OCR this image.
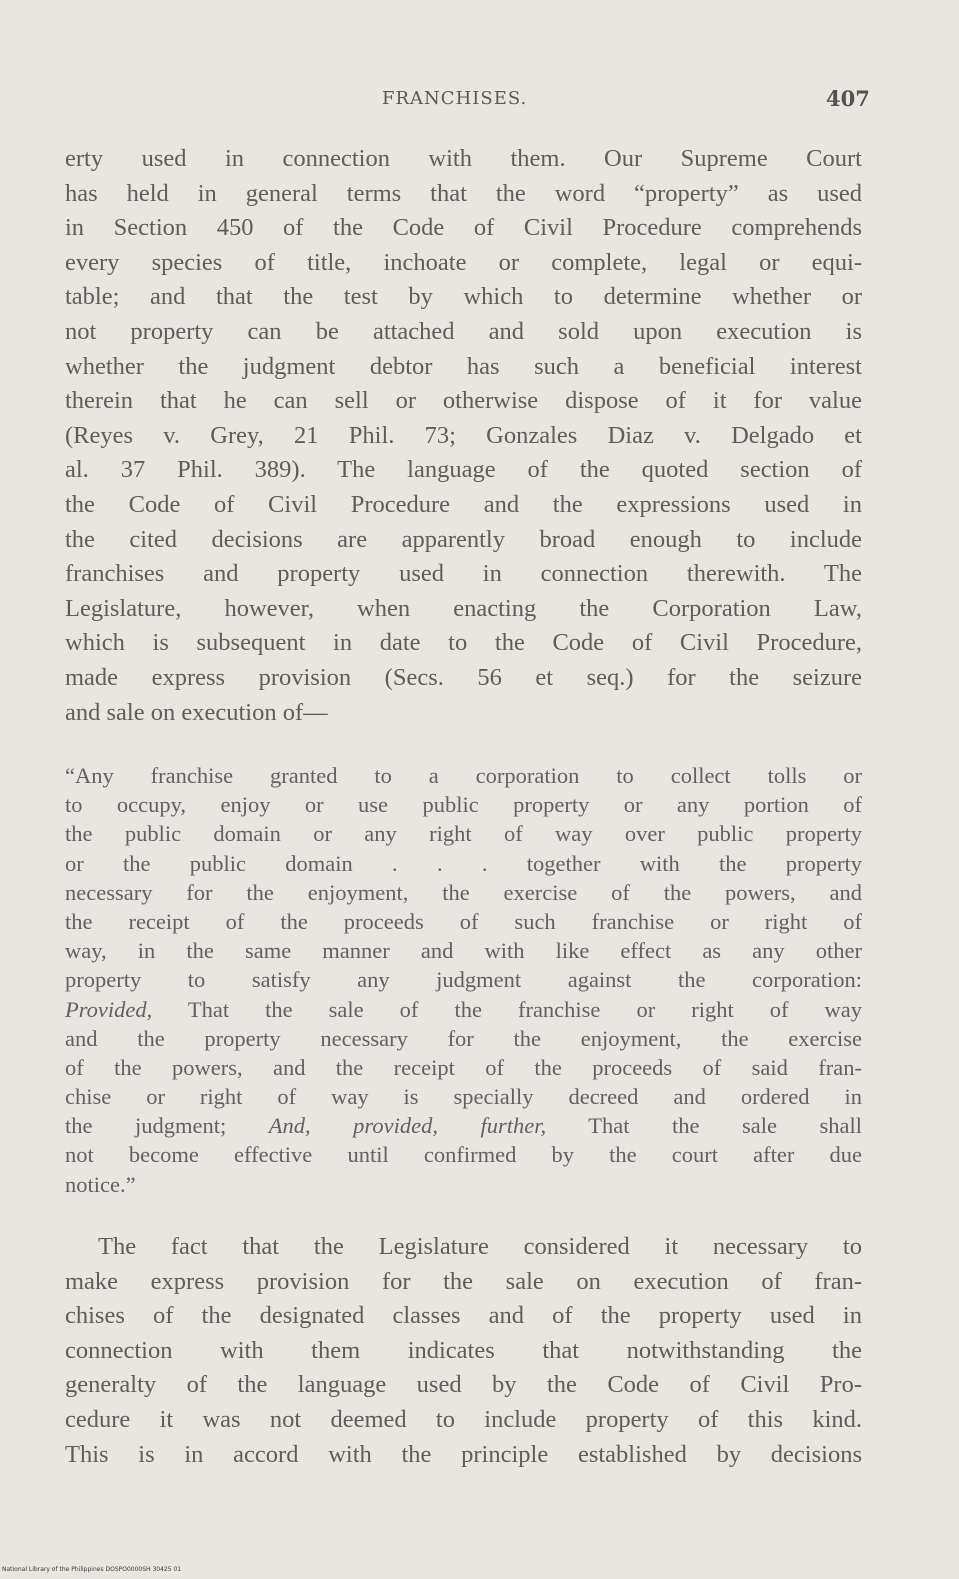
FRANCHISES.	407
erty used in connection with them. Our Supreme Court
has held in general terms that the word “property” as used
in Section 450 of the Code of Civil Procedure comprehends
every species of title, inchoate or complete, legal or equi-
table; and that the test by which to determine whether or
not property can be attached and sold upon execution is
whether the judgment debtor has such a beneficial interest
therein that he can sell or otherwise dispose of it for value
(Reyes v. Grey, 21 Phil. 73; Gonzales Diaz v. Delgado et
al. 37 Phil. 389). The language of the quoted section of
the Code of Civil Procedure and the expressions used in
the cited decisions are apparently broad enough to include
franchises and property used in connection therewith. The
Legislature, however, when enacting the Corporation Law,
which is subsequent in date to the Code of Civil Procedure,
made express provision (Secs. 56 et seq.) for the seizure
and sale on execution of—
“Any franchise granted to a corporation to collect tolls or
to occupy, enjoy or use public property or any portion of
the public domain or any right of way over public property
or the public domain . . . together with the property
necessary for the enjoyment, the exercise of the powers, and
the receipt of the proceeds of such franchise or right of
way, in the same manner and with like effect as any other
property to satisfy any judgment against the corporation:
Provided, That the sale of the franchise or right of way
and the property necessary for the enjoyment, the exercise
of the powers, and the receipt of the proceeds of said fran-
chise or right of way is specially decreed and ordered in
the judgment; And, provided, further, That the sale shall
not become effective until confirmed by the court after due
notice.”
The fact that the Legislature considered it necessary to
make express provision for the sale on execution of fran-
chises of the designated classes and of the property used in
connection with them indicates that notwithstanding the
generalty of the language used by the Code of Civil Pro-
cedure it was not deemed to include property of this kind.
This is in accord with the principle established by decisions
National Library of the Philippines DOSPO0000SH 30425 01
